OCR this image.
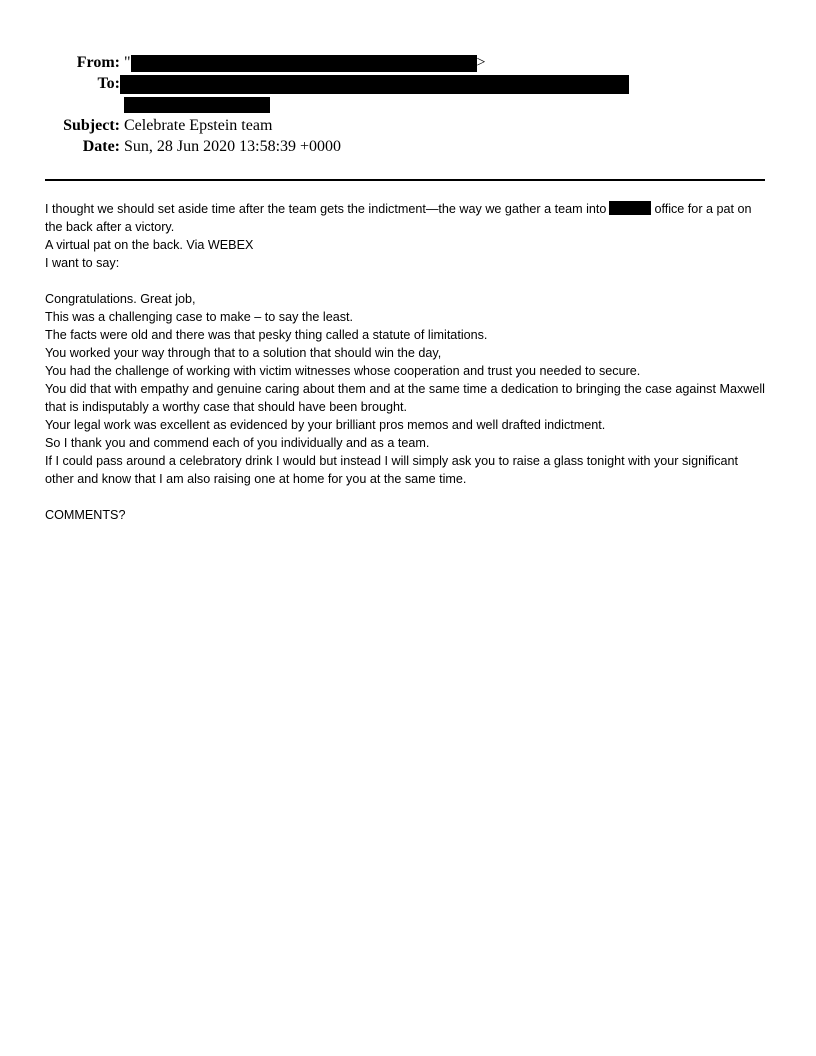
From: "	>
To:
Subject: Celebrate Epstein team
Date: Sun, 28 Jun 2020 13:58:39 +0000

I thought we should set aside time after the team gets the indictment—the way we gather a team into	office for a pat on the back after a victory.

A virtual pat on the back. Via WEBEX

I want to say:

Congratulations. Great job,

This was a challenging case to make – to say the least.

The facts were old and there was that pesky thing called a statute of limitations.

You worked your way through that to a solution that should win the day,

You had the challenge of working with victim witnesses whose cooperation and trust you needed to secure.

You did that with empathy and genuine caring about them and at the same time a dedication to bringing the case against Maxwell that is indisputably a worthy case that should have been brought.

Your legal work was excellent as evidenced by your brilliant pros memos and well drafted indictment.

So I thank you and commend each of you individually and as a team.

If I could pass around a celebratory drink I would but instead I will simply ask you to raise a glass tonight with your significant other and know that I am also raising one at home for you at the same time.

COMMENTS?
